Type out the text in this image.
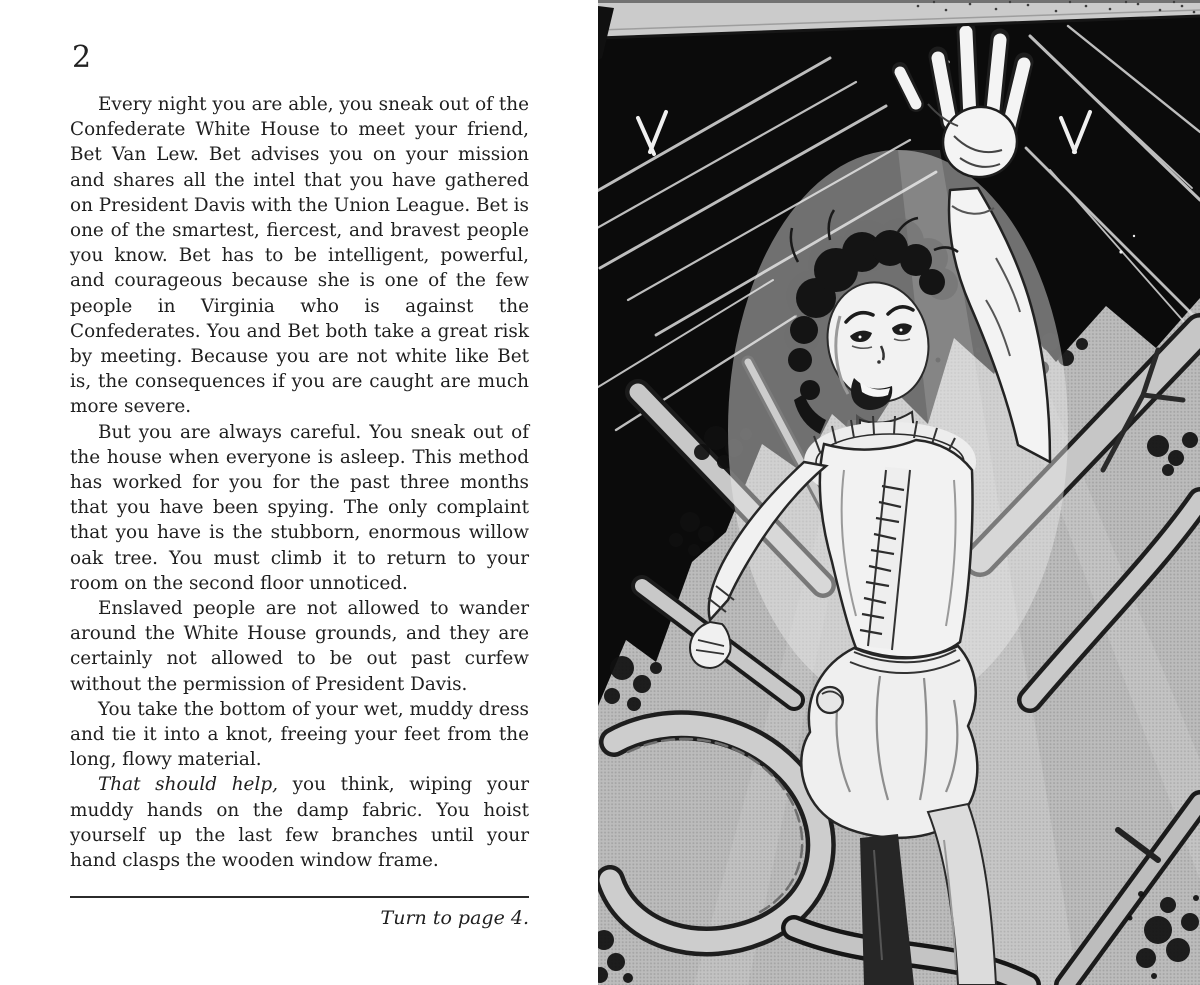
2

Every night you are able, you sneak out of the Confederate White House to meet your friend, Bet Van Lew. Bet advises you on your mission and shares all the intel that you have gathered on President Davis with the Union League. Bet is one of the smartest, fiercest, and bravest people you know. Bet has to be intelligent, powerful, and courageous because she is one of the few people in Virginia who is against the Confederates. You and Bet both take a great risk by meeting. Because you are not white like Bet is, the consequences if you are caught are much more severe.

But you are always careful. You sneak out of the house when everyone is asleep. This method has worked for you for the past three months that you have been spying. The only complaint that you have is the stubborn, enormous willow oak tree. You must climb it to return to your room on the second floor unnoticed.

Enslaved people are not allowed to wander around the White House grounds, and they are certainly not allowed to be out past curfew without the permission of President Davis.

You take the bottom of your wet, muddy dress and tie it into a knot, freeing your feet from the long, flowy material.

That should help, you think, wiping your muddy hands on the damp fabric. You hoist yourself up the last few branches until your hand clasps the wooden window frame.

Turn to page 4.
